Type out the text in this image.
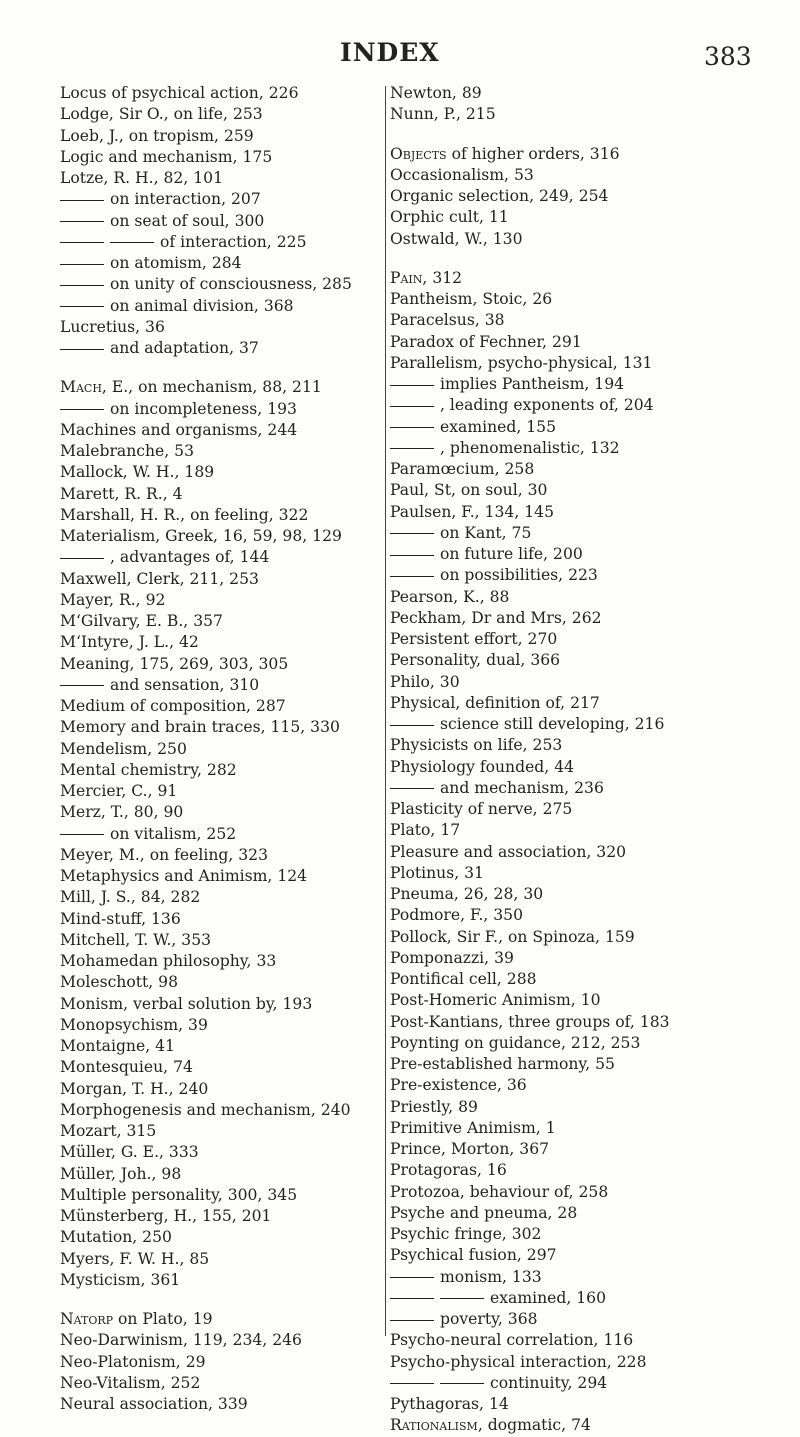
INDEX	383
Locus of psychical action, 226
Lodge, Sir O., on life, 253
Loeb, J., on tropism, 259
Logic and mechanism, 175
Lotze, R. H., 82, 101
on interaction, 207
on seat of soul, 300
of interaction, 225
on atomism, 284
on unity of consciousness, 285
on animal division, 368
Lucretius, 36
and adaptation, 37
Mach, E., on mechanism, 88, 211
on incompleteness, 193
Machines and organisms, 244
Malebranche, 53
Mallock, W. H., 189
Marett, R. R., 4
Marshall, H. R., on feeling, 322
Materialism, Greek, 16, 59, 98, 129
, advantages of, 144
Maxwell, Clerk, 211, 253
Mayer, R., 92
M‘Gilvary, E. B., 357
M‘Intyre, J. L., 42
Meaning, 175, 269, 303, 305
and sensation, 310
Medium of composition, 287
Memory and brain traces, 115, 330
Mendelism, 250
Mental chemistry, 282
Mercier, C., 91
Merz, T., 80, 90
on vitalism, 252
Meyer, M., on feeling, 323
Metaphysics and Animism, 124
Mill, J. S., 84, 282
Mind-stuff, 136
Mitchell, T. W., 353
Mohamedan philosophy, 33
Moleschott, 98
Monism, verbal solution by, 193
Monopsychism, 39
Montaigne, 41
Montesquieu, 74
Morgan, T. H., 240
Morphogenesis and mechanism, 240
Mozart, 315
Müller, G. E., 333
Müller, Joh., 98
Multiple personality, 300, 345
Münsterberg, H., 155, 201
Mutation, 250
Myers, F. W. H., 85
Mysticism, 361
Natorp on Plato, 19
Neo-Darwinism, 119, 234, 246
Neo-Platonism, 29
Neo-Vitalism, 252
Neural association, 339
Newton, 89
Nunn, P., 215
Objects of higher orders, 316
Occasionalism, 53
Organic selection, 249, 254
Orphic cult, 11
Ostwald, W., 130
Pain, 312
Pantheism, Stoic, 26
Paracelsus, 38
Paradox of Fechner, 291
Parallelism, psycho-physical, 131
implies Pantheism, 194
, leading exponents of, 204
examined, 155
, phenomenalistic, 132
Paramœcium, 258
Paul, St, on soul, 30
Paulsen, F., 134, 145
on Kant, 75
on future life, 200
on possibilities, 223
Pearson, K., 88
Peckham, Dr and Mrs, 262
Persistent effort, 270
Personality, dual, 366
Philo, 30
Physical, definition of, 217
science still developing, 216
Physicists on life, 253
Physiology founded, 44
and mechanism, 236
Plasticity of nerve, 275
Plato, 17
Pleasure and association, 320
Plotinus, 31
Pneuma, 26, 28, 30
Podmore, F., 350
Pollock, Sir F., on Spinoza, 159
Pomponazzi, 39
Pontifical cell, 288
Post-Homeric Animism, 10
Post-Kantians, three groups of, 183
Poynting on guidance, 212, 253
Pre-established harmony, 55
Pre-existence, 36
Priestly, 89
Primitive Animism, 1
Prince, Morton, 367
Protagoras, 16
Protozoa, behaviour of, 258
Psyche and pneuma, 28
Psychic fringe, 302
Psychical fusion, 297
monism, 133
examined, 160
poverty, 368
Psycho-neural correlation, 116
Psycho-physical interaction, 228
continuity, 294
Pythagoras, 14
Rationalism, dogmatic, 74
